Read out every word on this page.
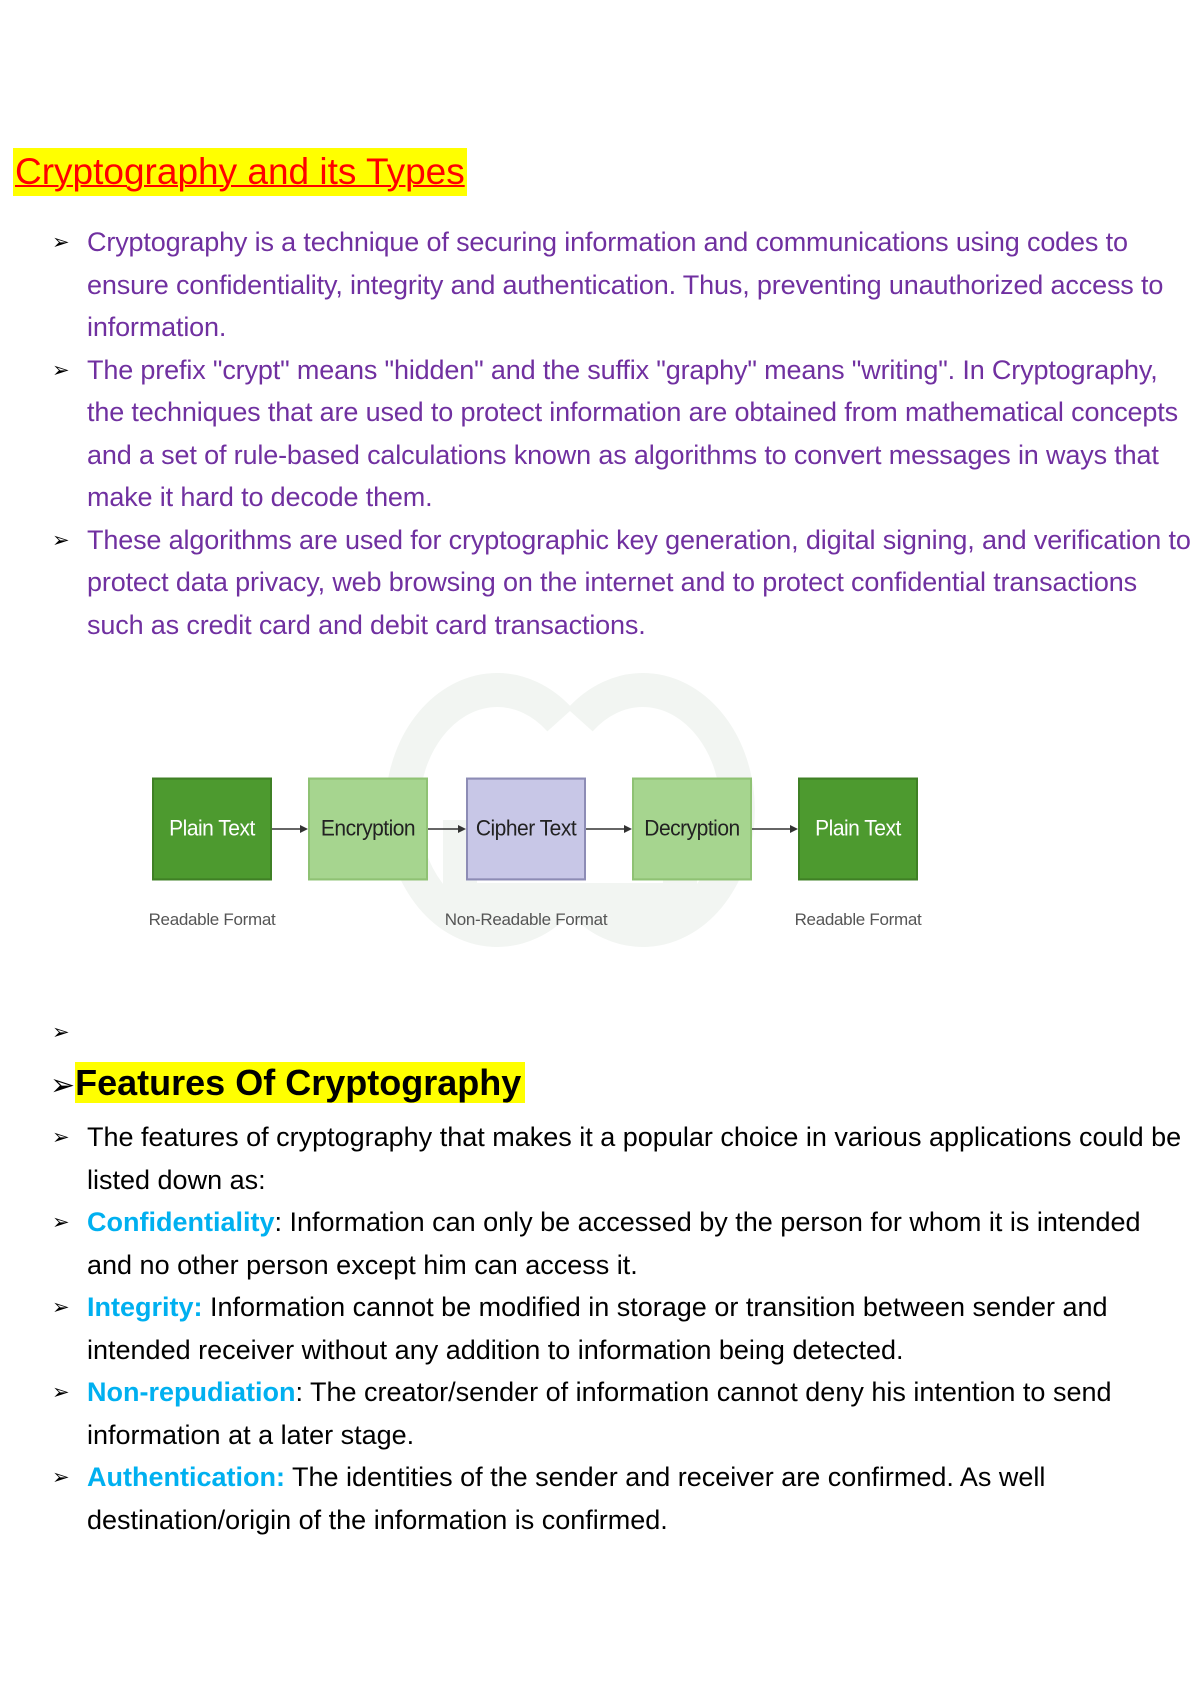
Cryptography and its Types
➢ Cryptography is a technique of securing information and communications using codes to ensure confidentiality, integrity and authentication. Thus, preventing unauthorized access to information.
➢ The prefix "crypt" means "hidden" and the suffix "graphy" means "writing". In Cryptography, the techniques that are used to protect information are obtained from mathematical concepts and a set of rule-based calculations known as algorithms to convert messages in ways that make it hard to decode them.
➢ These algorithms are used for cryptographic key generation, digital signing, and verification to protect data privacy, web browsing on the internet and to protect confidential transactions such as credit card and debit card transactions.
Plain Text	Encryption	Cipher Text	Decryption	Plain Text
Readable Format	Non-Readable Format	Readable Format
➢
➢Features Of Cryptography
➢ The features of cryptography that makes it a popular choice in various applications could be listed down as:
➢ Confidentiality: Information can only be accessed by the person for whom it is intended and no other person except him can access it.
➢ Integrity: Information cannot be modified in storage or transition between sender and intended receiver without any addition to information being detected.
➢ Non-repudiation: The creator/sender of information cannot deny his intention to send information at a later stage.
➢ Authentication: The identities of the sender and receiver are confirmed. As well destination/origin of the information is confirmed.
